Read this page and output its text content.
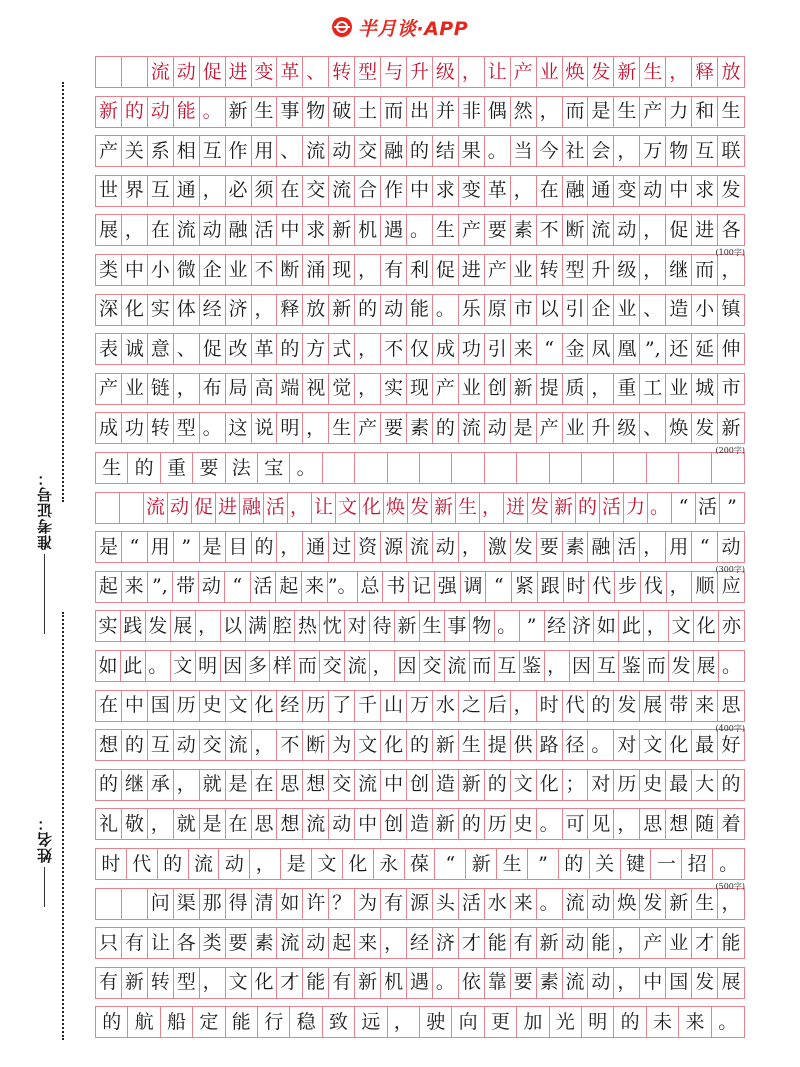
半月谈·APP
准考证号：
姓名：
流 动 促 进 变 革 、 转 型 与 升 级 ， 让 产 业 焕 发 新 生 ， 释 放
新 的 动 能 。 新 生 事 物 破 土 而 出 并 非 偶 然 ， 而 是 生 产 力 和 生
产 关 系 相 互 作 用 、 流 动 交 融 的 结 果 。 当 今 社 会 ， 万 物 互 联
世 界 互 通 ， 必 须 在 交 流 合 作 中 求 变 革 ， 在 融 通 变 动 中 求 发
展 ， 在 流 动 融 活 中 求 新 机 遇 。 生 产 要 素 不 断 流 动 ， 促 进 各
类 中 小 微 企 业 不 断 涌 现 ， 有 利 促 进 产 业 转 型 升 级 ， 继 而 ，
深 化 实 体 经 济 ， 释 放 新 的 动 能 。 乐 原 市 以 引 企 业 、 造 小 镇
表 诚 意 、 促 改 革 的 方 式 ， 不 仅 成 功 引 来 “ 金 凤 凰 ”, 还 延 伸
产 业 链 ， 布 局 高 端 视 觉 ， 实 现 产 业 创 新 提 质 ， 重 工 业 城 市
成 功 转 型 。 这 说 明 ， 生 产 要 素 的 流 动 是 产 业 升 级 、 焕 发 新
生 的 重 要 法 宝 。
流 动 促 进 融 活 ， 让 文 化 焕 发 新 生 ， 迸 发 新 的 活 力 。 “ 活 ”
是 “ 用 ” 是 目 的 ， 通 过 资 源 流 动 ， 激 发 要 素 融 活 ， 用 “ 动
起 来 ”, 带 动 “ 活 起 来 ”。 总 书 记 强 调 “ 紧 跟 时 代 步 伐 ， 顺 应
实 践 发 展 ， 以 满 腔 热 忱 对 待 新 生 事 物 。 ” 经 济 如 此 ， 文 化 亦
如 此 。 文 明 因 多 样 而 交 流 ， 因 交 流 而 互 鉴 ， 因 互 鉴 而 发 展 。
在 中 国 历 史 文 化 经 历 了 千 山 万 水 之 后 ， 时 代 的 发 展 带 来 思
想 的 互 动 交 流 ， 不 断 为 文 化 的 新 生 提 供 路 径 。 对 文 化 最 好
的 继 承 ， 就 是 在 思 想 交 流 中 创 造 新 的 文 化 ； 对 历 史 最 大 的
礼 敬 ， 就 是 在 思 想 流 动 中 创 造 新 的 历 史 。 可 见 ， 思 想 随 着
时 代 的 流 动 ， 是 文 化 永 葆 “ 新 生 ” 的 关 键 一 招 。
问 渠 那 得 清 如 许 ？ 为 有 源 头 活 水 来 。 流 动 焕 发 新 生 ，
只 有 让 各 类 要 素 流 动 起 来 ， 经 济 才 能 有 新 动 能 ， 产 业 才 能
有 新 转 型 ， 文 化 才 能 有 新 机 遇 。 依 靠 要 素 流 动 ， 中 国 发 展
的 航 船 定 能 行 稳 致 远 ， 驶 向 更 加 光 明 的 未 来 。
(100字)
(200字)
(300字)
(400字)
(500字)
